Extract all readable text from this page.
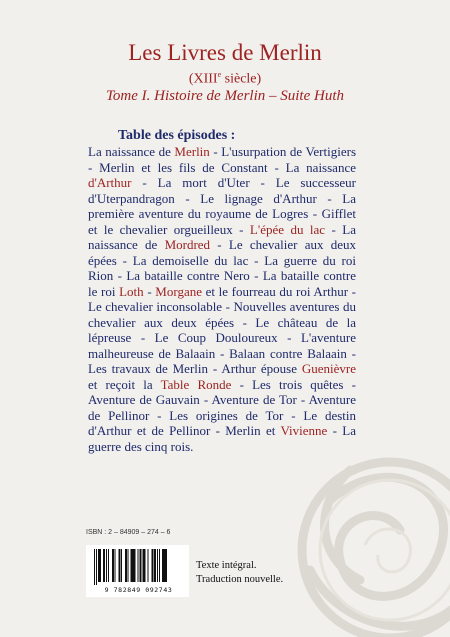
Les Livres de Merlin
(XIIIe siècle)
Tome I. Histoire de Merlin – Suite Huth
Table des épisodes :
La naissance de Merlin - L'usurpation de Vertigiers - Merlin et les fils de Constant - La naissance d'Arthur - La mort d'Uter - Le successeur d'Uterpandragon - Le lignage d'Arthur - La première aventure du royaume de Logres - Gifflet et le chevalier orgueilleux - L'épée du lac - La naissance de Mordred - Le chevalier aux deux épées - La demoiselle du lac - La guerre du roi Rion - La bataille contre Nero - La bataille contre le roi Loth - Morgane et le fourreau du roi Arthur - Le chevalier inconsolable - Nouvelles aventures du chevalier aux deux épées - Le château de la lépreuse - Le Coup Douloureux - L'aventure malheureuse de Balaain - Balaan contre Balaain - Les travaux de Merlin - Arthur épouse Guenièvre et reçoit la Table Ronde - Les trois quêtes - Aventure de Gauvain - Aventure de Tor - Aventure de Pellinor - Les origines de Tor - Le destin d'Arthur et de Pellinor - Merlin et Vivienne - La guerre des cinq rois.
ISBN : 2 – 84909 – 274 – 6
9 782849 092743
Texte intégral.
Traduction nouvelle.
